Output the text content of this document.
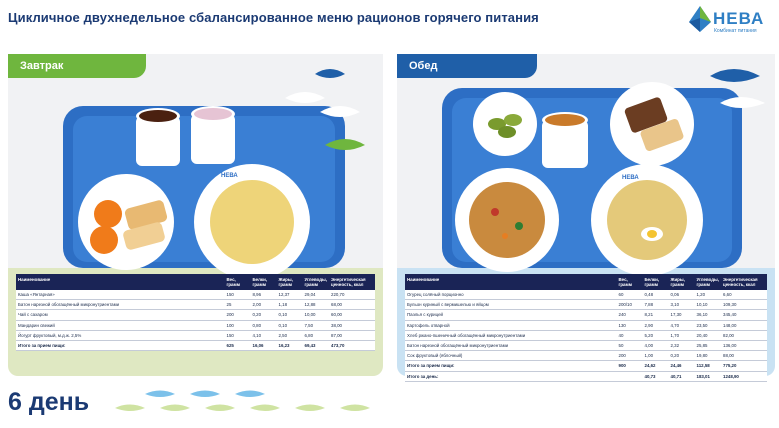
Цикличное двухнедельное сбалансированное меню рационов горячего питания	НЕВА
Комбинат питания
НЕВА
Завтрак
Наименование	Вес, грамм	Белки, грамм	Жиры, грамм	Углеводы, грамм	Энергетическая ценность, ккал
Каша «Янтарная»	150	8,96	12,37	29,04	220,70
Батон нарезной обогащённый микронутриентами	25	2,00	1,18	12,88	68,00
Чай с сахаром	200	0,20	0,10	10,00	60,00
Мандарин свежий	100	0,80	0,10	7,50	38,00
Йогурт фруктовый, м.д.ж. 2,5%	150	4,10	2,50	6,80	87,00
Итого за прием пищи:	625	16,06	16,23	69,43	473,70
НЕВА
Обед
Наименование	Вес, грамм	Белки, грамм	Жиры, грамм	Углеводы, грамм	Энергетическая ценность, ккал
Огурец солёный порционно	60	0,48	0,06	1,20	6,60
Бульон куриный с вермишелью и яйцом	200/10	7,88	3,10	10,10	109,30
Паэлья с курицей	240	8,21	17,30	36,10	345,40
Картофель отварной	130	2,90	4,70	23,50	148,00
Хлеб ржано-пшеничный обогащённый микронутриентами	40	5,20	1,70	20,40	82,00
Батон нарезной обогащённый микронутриентами	50	4,00	2,32	25,85	136,00
Сок фруктовый (яблочный)	200	1,00	0,20	19,80	88,00
Итого за прием пищи:	900	24,62	24,46	112,58	775,20
Итого за день:		40,73	40,71	183,01	1248,90
6 день
